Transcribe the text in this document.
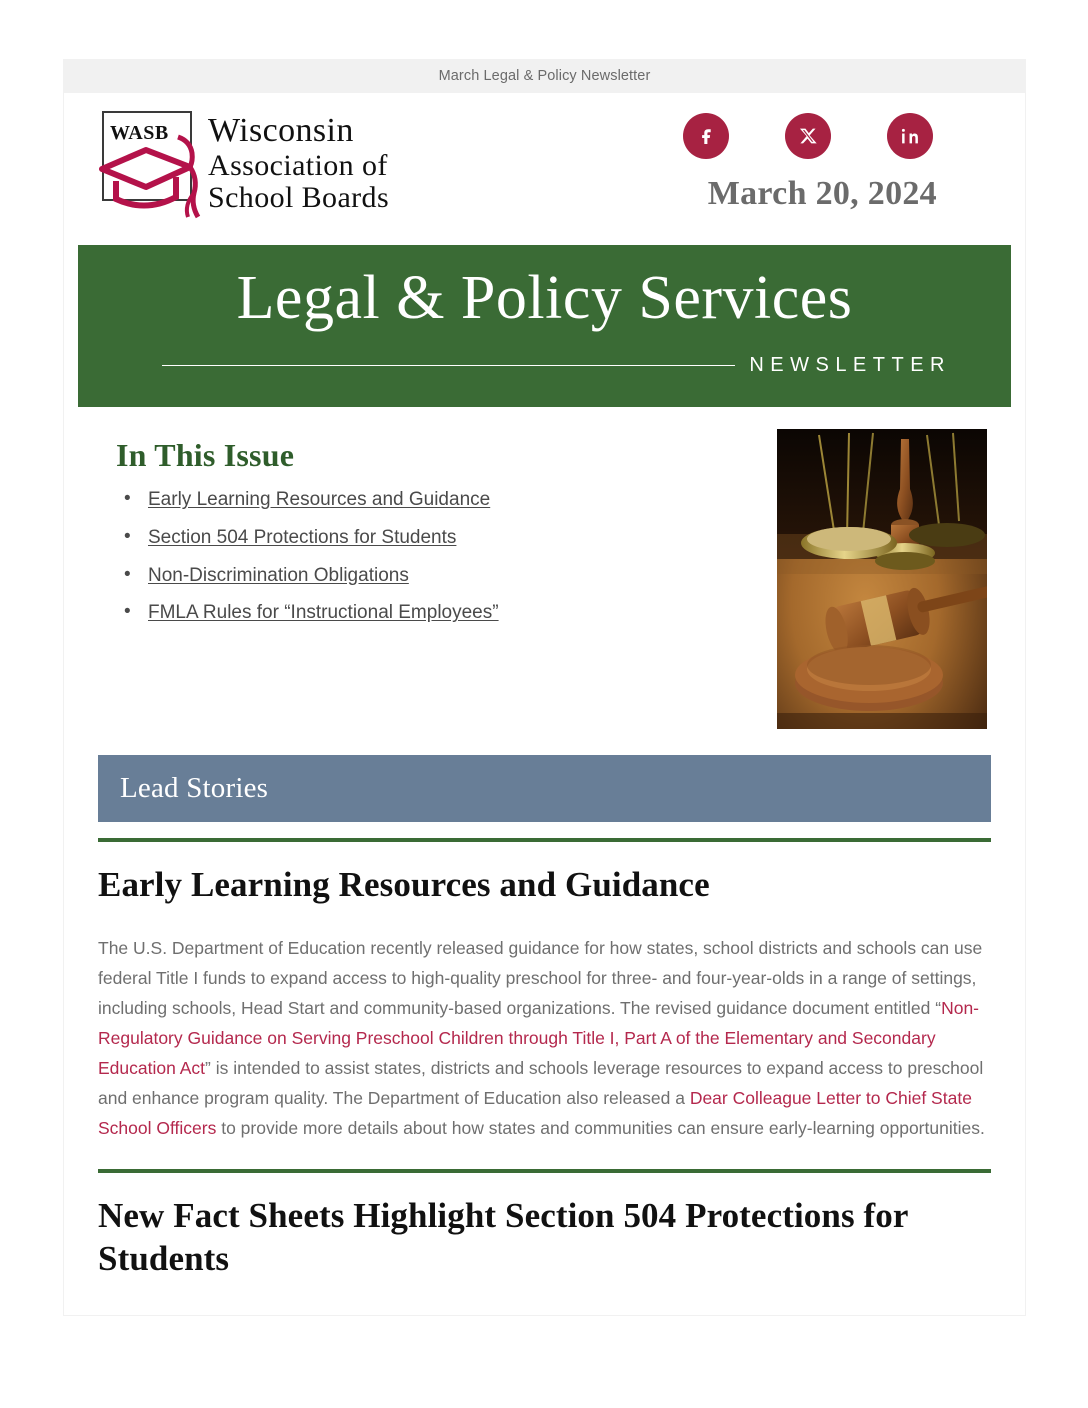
March Legal & Policy Newsletter
WASB Wisconsin
Association of
School Boards	March 20, 2024
Legal & Policy Services
NEWSLETTER
In This Issue
• Early Learning Resources and Guidance
• Section 504 Protections for Students
• Non-Discrimination Obligations
• FMLA Rules for “Instructional Employees”
Lead Stories
Early Learning Resources and Guidance

The U.S. Department of Education recently released guidance for how states, school districts and schools can use federal Title I funds to expand access to high-quality preschool for three- and four-year-olds in a range of settings, including schools, Head Start and community-based organizations. The revised guidance document entitled “Non-Regulatory Guidance on Serving Preschool Children through Title I, Part A of the Elementary and Secondary Education Act” is intended to assist states, districts and schools leverage resources to expand access to preschool and enhance program quality. The Department of Education also released a Dear Colleague Letter to Chief State School Officers to provide more details about how states and communities can ensure early-learning opportunities.

New Fact Sheets Highlight Section 504 Protections for Students
